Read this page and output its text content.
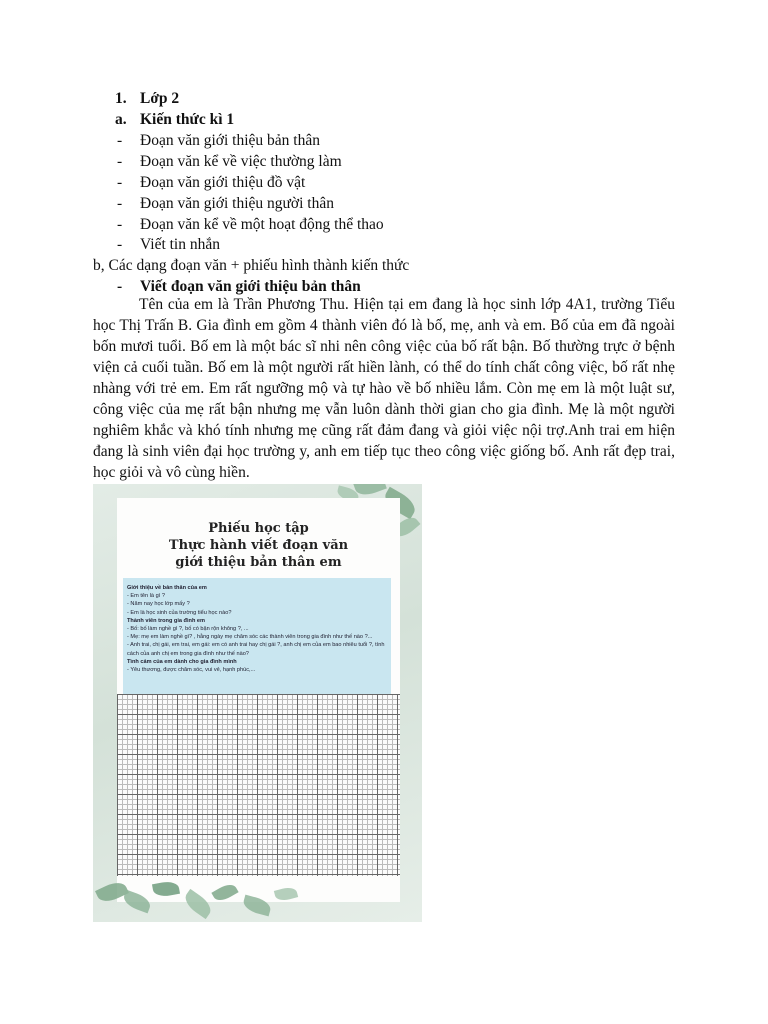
1. Lớp 2
a. Kiến thức kì 1
- Đoạn văn giới thiệu bản thân
- Đoạn văn kể về việc thường làm
- Đoạn văn giới thiệu đồ vật
- Đoạn văn giới thiệu người thân
- Đoạn văn kể về một hoạt động thể thao
- Viết tin nhắn
b, Các dạng đoạn văn + phiếu hình thành kiến thức
- Viết đoạn văn giới thiệu bản thân
Tên của em là Trần Phương Thu. Hiện tại em đang là học sinh lớp 4A1, trường Tiểu học Thị Trấn B. Gia đình em gồm 4 thành viên đó là bố, mẹ, anh và em. Bố của em đã ngoài bốn mươi tuổi. Bố em là một bác sĩ nhi nên công việc của bố rất bận. Bố thường trực ở bệnh viện cả cuối tuần. Bố em là một người rất hiền lành, có thể do tính chất công việc, bố rất nhẹ nhàng với trẻ em. Em rất ngưỡng mộ và tự hào về bố nhiều lắm. Còn mẹ em là một luật sư, công việc của mẹ rất bận nhưng mẹ vẫn luôn dành thời gian cho gia đình. Mẹ là một người nghiêm khắc và khó tính nhưng mẹ cũng rất đảm đang và giỏi việc nội trợ.Anh trai em hiện đang là sinh viên đại học trường y, anh em tiếp tục theo công việc giống bố. Anh rất đẹp trai, học giỏi và vô cùng hiền.
Phiếu học tập
Thực hành viết đoạn văn
giới thiệu bản thân em
Giới thiệu về bản thân của em
- Em tên là gì ?
- Năm nay học lớp mấy ?
- Em là học sinh của trường tiểu học nào?
Thành viên trong gia đình em
- Bố: bố làm nghề gì ?, bố có bận rộn không ?, ...
- Mẹ: mẹ em làm nghề gì? , hằng ngày mẹ chăm sóc các thành viên trong gia đình như thế nào ?...
- Anh trai, chị gái, em trai, em gái: em có anh trai hay chị gái ?, anh chị em của em bao nhiêu tuổi ?, tính cách của anh chị em trong gia đình như thế nào?
Tình cảm của em dành cho gia đình mình
- Yêu thương, được chăm sóc, vui vẻ, hạnh phúc,...
